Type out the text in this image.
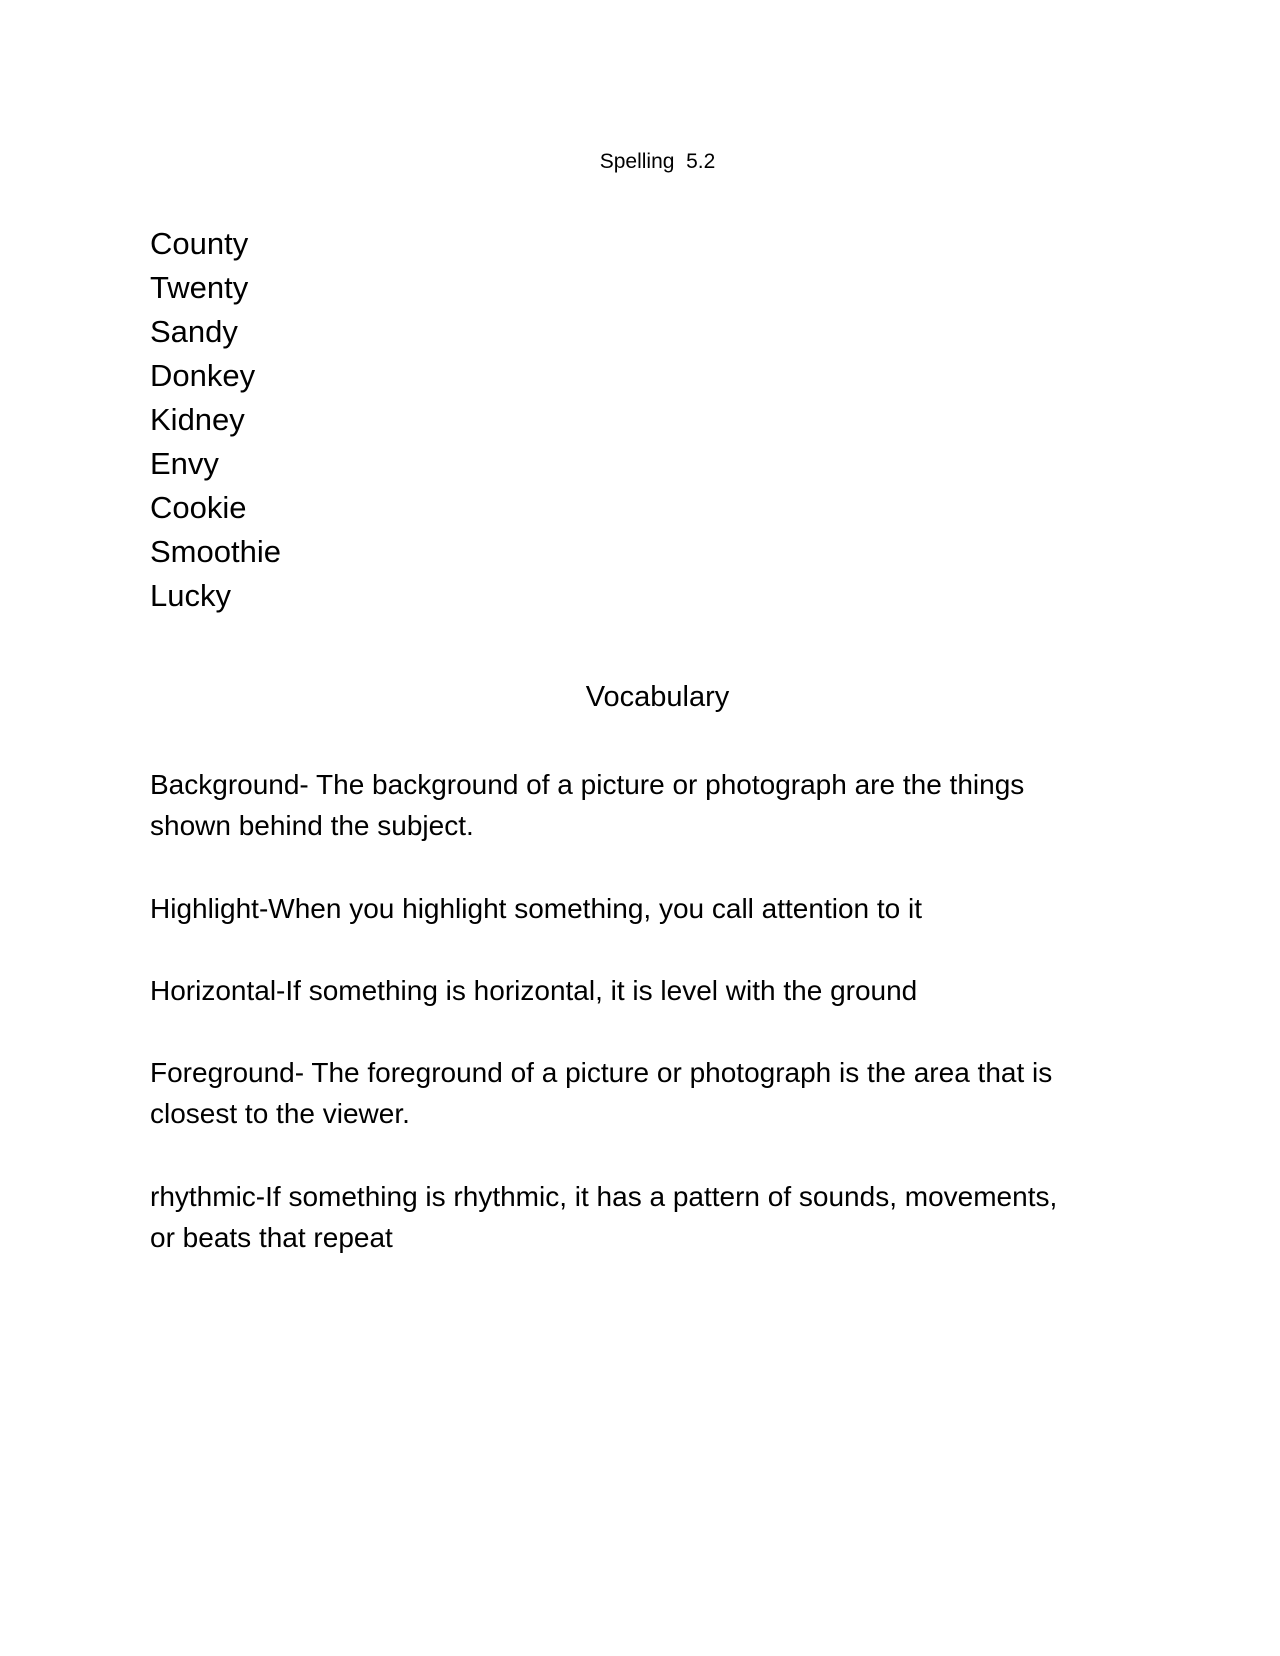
Spelling  5.2
County
Twenty
Sandy
Donkey
Kidney
Envy
Cookie
Smoothie
Lucky
Vocabulary

Background- The background of a picture or photograph are the things shown behind the subject.

Highlight-When you highlight something, you call attention to it

Horizontal-If something is horizontal, it is level with the ground

Foreground- The foreground of a picture or photograph is the area that is closest to the viewer.

rhythmic-If something is rhythmic, it has a pattern of sounds, movements, or beats that repeat
